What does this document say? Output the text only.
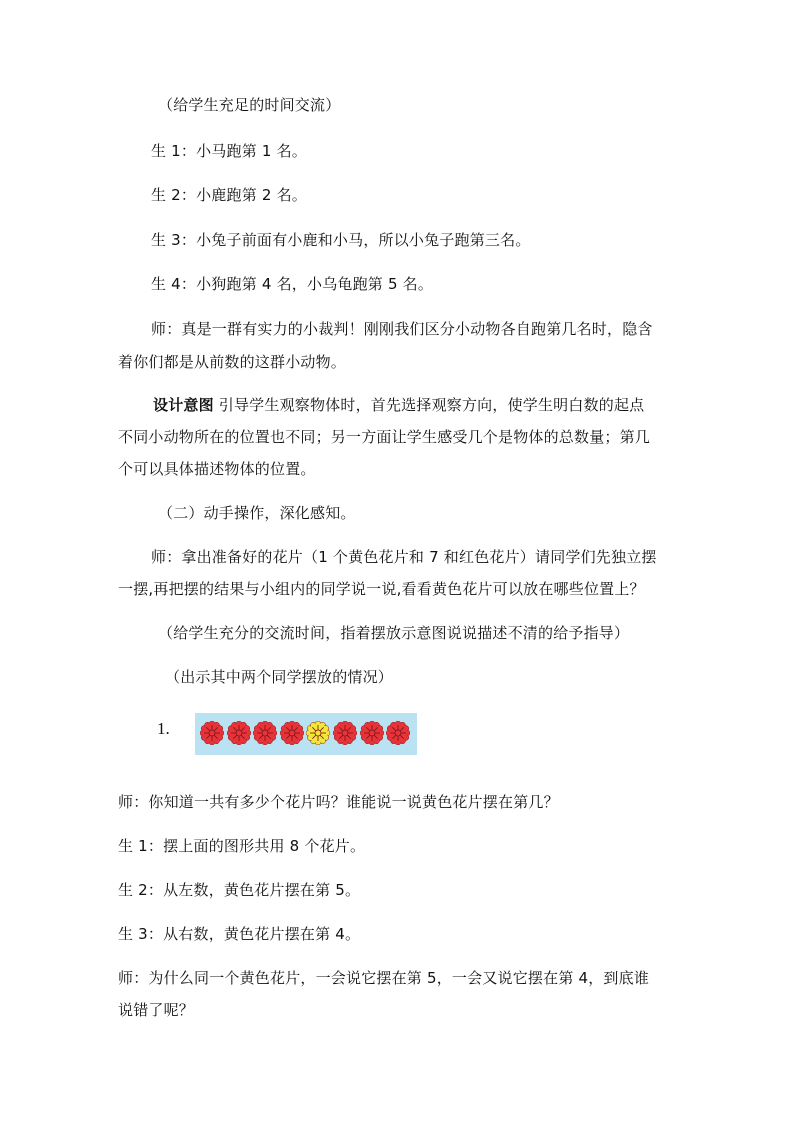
（给学生充足的时间交流）
生 1：小马跑第 1 名。
生 2：小鹿跑第 2 名。
生 3：小兔子前面有小鹿和小马，所以小兔子跑第三名。
生 4：小狗跑第 4 名，小乌龟跑第 5 名。
师：真是一群有实力的小裁判！刚刚我们区分小动物各自跑第几名时，隐含
着你们都是从前数的这群小动物。
设计意图 引导学生观察物体时，首先选择观察方向，使学生明白数的起点
不同小动物所在的位置也不同；另一方面让学生感受几个是物体的总数量；第几
个可以具体描述物体的位置。
（二）动手操作，深化感知。
师：拿出准备好的花片（1 个黄色花片和 7 和红色花片）请同学们先独立摆
一摆,再把摆的结果与小组内的同学说一说,看看黄色花片可以放在哪些位置上？
（给学生充分的交流时间，指着摆放示意图说说描述不清的给予指导）
（出示其中两个同学摆放的情况）
1.
师：你知道一共有多少个花片吗？谁能说一说黄色花片摆在第几？
生 1：摆上面的图形共用 8 个花片。
生 2：从左数，黄色花片摆在第 5。
生 3：从右数，黄色花片摆在第 4。
师：为什么同一个黄色花片，一会说它摆在第 5，一会又说它摆在第 4，到底谁
说错了呢？
